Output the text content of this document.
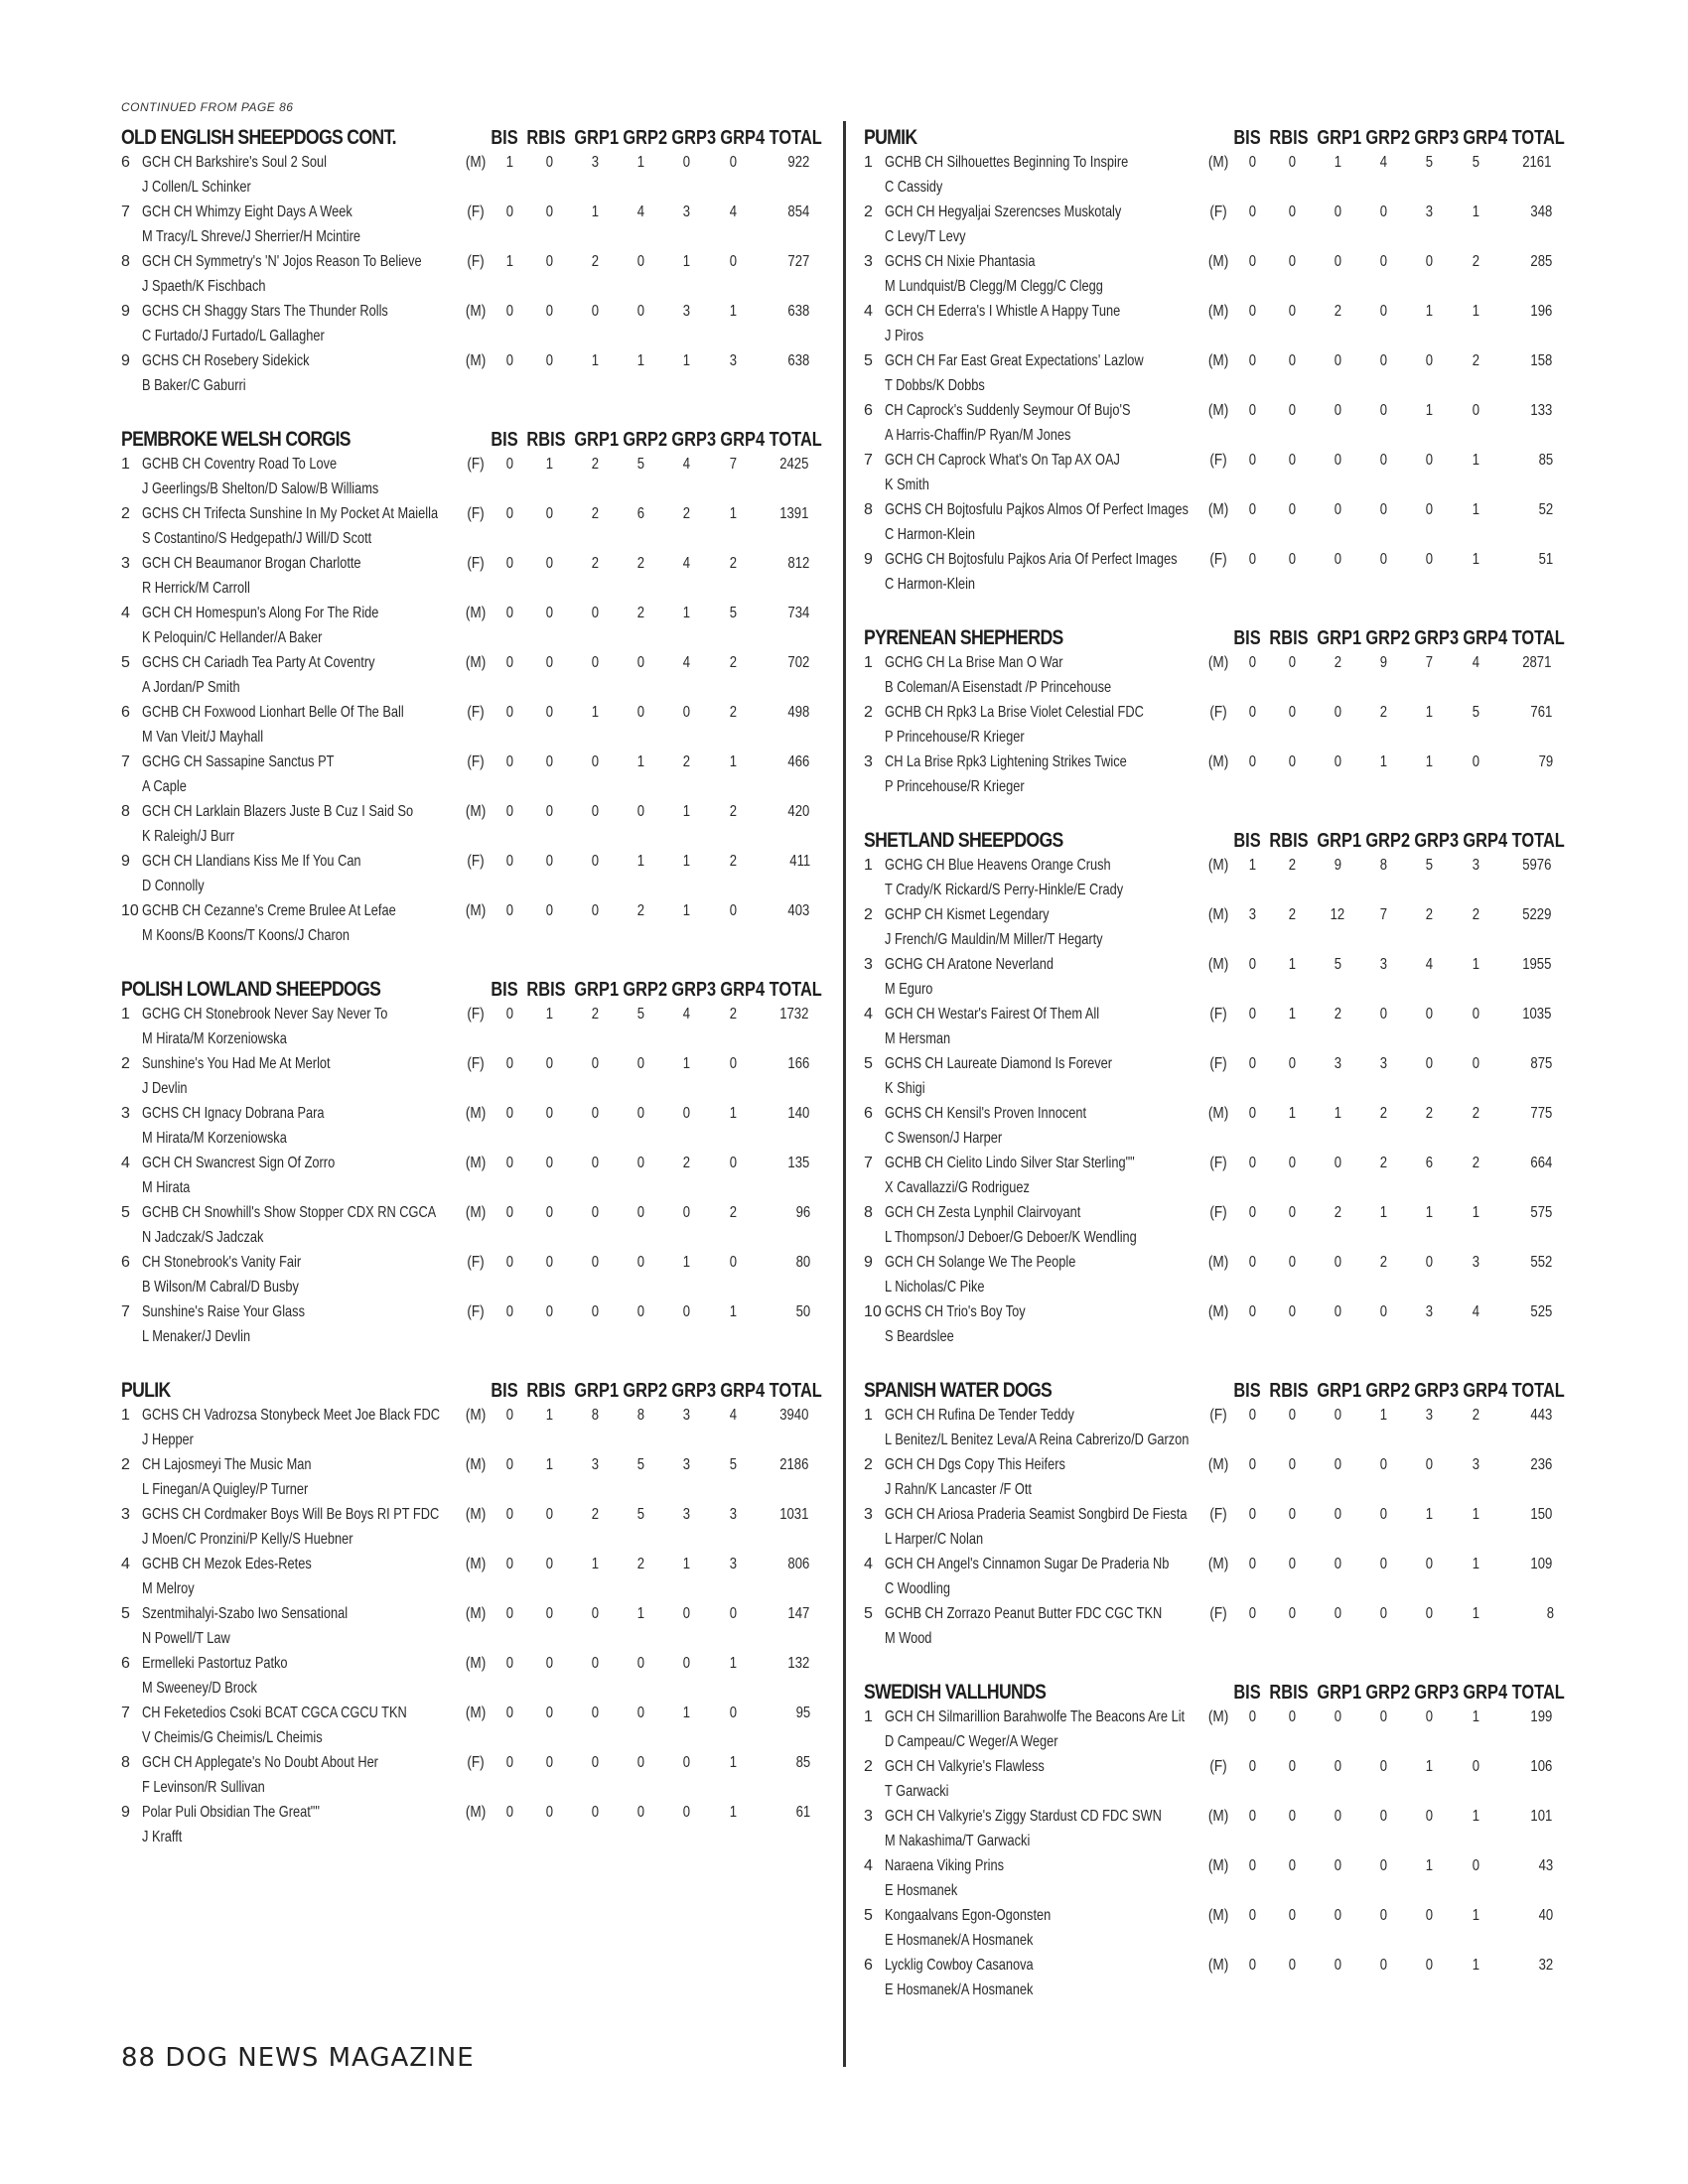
CONTINUED FROM PAGE 86
OLD ENGLISH SHEEPDOGS CONT.	BIS RBIS GRP1 GRP2 GRP3 GRP4 TOTAL
6 GCH CH Barkshire's Soul 2 Soul
J Collen/L Schinker
(M)	1	0	3	1	0	0	922
7 GCH CH Whimzy Eight Days A Week
M Tracy/L Shreve/J Sherrier/H Mcintire
(F)	0	0	1	4	3	4	854
8 GCH CH Symmetry's 'N' Jojos Reason To Believe
J Spaeth/K Fischbach
(F)	1	0	2	0	1	0	727
9 GCHS CH Shaggy Stars The Thunder Rolls
C Furtado/J Furtado/L Gallagher
(M)	0	0	0	0	3	1	638
9 GCHS CH Rosebery Sidekick
B Baker/C Gaburri
(M)	0	0	1	1	1	3	638
PEMBROKE WELSH CORGIS	BIS RBIS GRP1 GRP2 GRP3 GRP4 TOTAL
1 GCHB CH Coventry Road To Love
J Geerlings/B Shelton/D Salow/B Williams
(F)	0	1	2	5	4	7	2425
2 GCHS CH Trifecta Sunshine In My Pocket At Maiella
S Costantino/S Hedgepath/J Will/D Scott
(F)	0	0	2	6	2	1	1391
3 GCH CH Beaumanor Brogan Charlotte
R Herrick/M Carroll
(F)	0	0	2	2	4	2	812
4 GCH CH Homespun's Along For The Ride
K Peloquin/C Hellander/A Baker
(M)	0	0	0	2	1	5	734
5 GCHS CH Cariadh Tea Party At Coventry
A Jordan/P Smith
(M)	0	0	0	0	4	2	702
6 GCHB CH Foxwood Lionhart Belle Of The Ball
M Van Vleit/J Mayhall
(F)	0	0	1	0	0	2	498
7 GCHG CH Sassapine Sanctus PT
A Caple
(F)	0	0	0	1	2	1	466
8 GCH CH Larklain Blazers Juste B Cuz I Said So
K Raleigh/J Burr
(M)	0	0	0	0	1	2	420
9 GCH CH Llandians Kiss Me If You Can
D Connolly
(F)	0	0	0	1	1	2	411
10 GCHB CH Cezanne's Creme Brulee At Lefae
M Koons/B Koons/T Koons/J Charon
(M)	0	0	0	2	1	0	403
POLISH LOWLAND SHEEPDOGS	BIS RBIS GRP1 GRP2 GRP3 GRP4 TOTAL
1 GCHG CH Stonebrook Never Say Never To
M Hirata/M Korzeniowska
(F)	0	1	2	5	4	2	1732
2 Sunshine's You Had Me At Merlot
J Devlin
(F)	0	0	0	0	1	0	166
3 GCHS CH Ignacy Dobrana Para
M Hirata/M Korzeniowska
(M)	0	0	0	0	0	1	140
4 GCH CH Swancrest Sign Of Zorro
M Hirata
(M)	0	0	0	0	2	0	135
5 GCHB CH Snowhill's Show Stopper CDX RN CGCA
N Jadczak/S Jadczak
(M)	0	0	0	0	0	2	96
6 CH Stonebrook's Vanity Fair
B Wilson/M Cabral/D Busby
(F)	0	0	0	0	1	0	80
7 Sunshine's Raise Your Glass
L Menaker/J Devlin
(F)	0	0	0	0	0	1	50
PULIK	BIS RBIS GRP1 GRP2 GRP3 GRP4 TOTAL
1 GCHS CH Vadrozsa Stonybeck Meet Joe Black FDC
J Hepper
(M)	0	1	8	8	3	4	3940
2 CH Lajosmeyi The Music Man
L Finegan/A Quigley/P Turner
(M)	0	1	3	5	3	5	2186
3 GCHS CH Cordmaker Boys Will Be Boys RI PT FDC
J Moen/C Pronzini/P Kelly/S Huebner
(M)	0	0	2	5	3	3	1031
4 GCHB CH Mezok Edes-Retes
M Melroy
(M)	0	0	1	2	1	3	806
5 Szentmihalyi-Szabo Iwo Sensational
N Powell/T Law
(M)	0	0	0	1	0	0	147
6 Ermelleki Pastortuz Patko
M Sweeney/D Brock
(M)	0	0	0	0	0	1	132
7 CH Feketedios Csoki BCAT CGCA CGCU TKN
V Cheimis/G Cheimis/L Cheimis
(M)	0	0	0	0	1	0	95
8 GCH CH Applegate's No Doubt About Her
F Levinson/R Sullivan
(F)	0	0	0	0	0	1	85
9 Polar Puli Obsidian The Great""
J Krafft
(M)	0	0	0	0	0	1	61
PUMIK	BIS RBIS GRP1 GRP2 GRP3 GRP4 TOTAL
1 GCHB CH Silhouettes Beginning To Inspire
C Cassidy
(M)	0	0	1	4	5	5	2161
2 GCH CH Hegyaljai Szerencses Muskotaly
C Levy/T Levy
(F)	0	0	0	0	3	1	348
3 GCHS CH Nixie Phantasia
M Lundquist/B Clegg/M Clegg/C Clegg
(M)	0	0	0	0	0	2	285
4 GCH CH Ederra's I Whistle A Happy Tune
J Piros
(M)	0	0	2	0	1	1	196
5 GCH CH Far East Great Expectations' Lazlow
T Dobbs/K Dobbs
(M)	0	0	0	0	0	2	158
6 CH Caprock's Suddenly Seymour Of Bujo'S
A Harris-Chaffin/P Ryan/M Jones
(M)	0	0	0	0	1	0	133
7 GCH CH Caprock What's On Tap AX OAJ
K Smith
(F)	0	0	0	0	0	1	85
8 GCHS CH Bojtosfulu Pajkos Almos Of Perfect Images
C Harmon-Klein
(M)	0	0	0	0	0	1	52
9 GCHG CH Bojtosfulu Pajkos Aria Of Perfect Images
C Harmon-Klein
(F)	0	0	0	0	0	1	51
PYRENEAN SHEPHERDS	BIS RBIS GRP1 GRP2 GRP3 GRP4 TOTAL
1 GCHG CH La Brise Man O War
B Coleman/A Eisenstadt /P Princehouse
(M)	0	0	2	9	7	4	2871
2 GCHB CH Rpk3 La Brise Violet Celestial FDC
P Princehouse/R Krieger
(F)	0	0	0	2	1	5	761
3 CH La Brise Rpk3 Lightening Strikes Twice
P Princehouse/R Krieger
(M)	0	0	0	1	1	0	79
SHETLAND SHEEPDOGS	BIS RBIS GRP1 GRP2 GRP3 GRP4 TOTAL
1 GCHG CH Blue Heavens Orange Crush
T Crady/K Rickard/S Perry-Hinkle/E Crady
(M)	1	2	9	8	5	3	5976
2 GCHP CH Kismet Legendary
J French/G Mauldin/M Miller/T Hegarty
(M)	3	2	12	7	2	2	5229
3 GCHG CH Aratone Neverland
M Eguro
(M)	0	1	5	3	4	1	1955
4 GCH CH Westar's Fairest Of Them All
M Hersman
(F)	0	1	2	0	0	0	1035
5 GCHS CH Laureate Diamond Is Forever
K Shigi
(F)	0	0	3	3	0	0	875
6 GCHS CH Kensil's Proven Innocent
C Swenson/J Harper
(M)	0	1	1	2	2	2	775
7 GCHB CH Cielito Lindo Silver Star Sterling""
X Cavallazzi/G Rodriguez
(F)	0	0	0	2	6	2	664
8 GCH CH Zesta Lynphil Clairvoyant
L Thompson/J Deboer/G Deboer/K Wendling
(F)	0	0	2	1	1	1	575
9 GCH CH Solange We The People
L Nicholas/C Pike
(M)	0	0	0	2	0	3	552
10 GCHS CH Trio's Boy Toy
S Beardslee
(M)	0	0	0	0	3	4	525
SPANISH WATER DOGS	BIS RBIS GRP1 GRP2 GRP3 GRP4 TOTAL
1 GCH CH Rufina De Tender Teddy
L Benitez/L Benitez Leva/A Reina Cabrerizo/D Garzon
(F)	0	0	0	1	3	2	443
2 GCH CH Dgs Copy This Heifers
J Rahn/K Lancaster /F Ott
(M)	0	0	0	0	0	3	236
3 GCH CH Ariosa Praderia Seamist Songbird De Fiesta
L Harper/C Nolan
(F)	0	0	0	0	1	1	150
4 GCH CH Angel's Cinnamon Sugar De Praderia Nb
C Woodling
(M)	0	0	0	0	0	1	109
5 GCHB CH Zorrazo Peanut Butter FDC CGC TKN
M Wood
(F)	0	0	0	0	0	1	8
SWEDISH VALLHUNDS	BIS RBIS GRP1 GRP2 GRP3 GRP4 TOTAL
1 GCH CH Silmarillion Barahwolfe The Beacons Are Lit
D Campeau/C Weger/A Weger
(M)	0	0	0	0	0	1	199
2 GCH CH Valkyrie's Flawless
T Garwacki
(F)	0	0	0	0	1	0	106
3 GCH CH Valkyrie's Ziggy Stardust CD FDC SWN
M Nakashima/T Garwacki
(M)	0	0	0	0	0	1	101
4 Naraena Viking Prins
E Hosmanek
(M)	0	0	0	0	1	0	43
5 Kongaalvans Egon-Ogonsten
E Hosmanek/A Hosmanek
(M)	0	0	0	0	0	1	40
6 Lycklig Cowboy Casanova
E Hosmanek/A Hosmanek
(M)	0	0	0	0	0	1	32
88 DOG NEWS MAGAZINE
